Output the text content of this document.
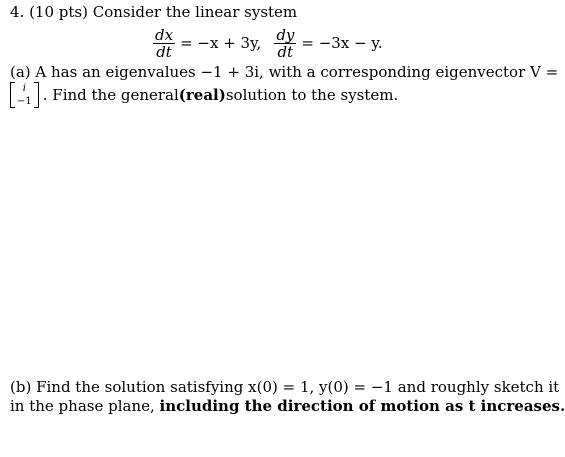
4. (10 pts) Consider the linear system
$\frac{dx}{dt} = -x + 3y$, $\frac{dy}{dt} = -3x - y$.
(a) A has an eigenvalues −1 + 3i, with a corresponding eigenvector V =
i
−1 . Find the general (real) solution to the system.
(b) Find the solution satisfying x(0) = 1, y(0) = −1 and roughly sketch it
in the phase plane, including the direction of motion as t increases.
